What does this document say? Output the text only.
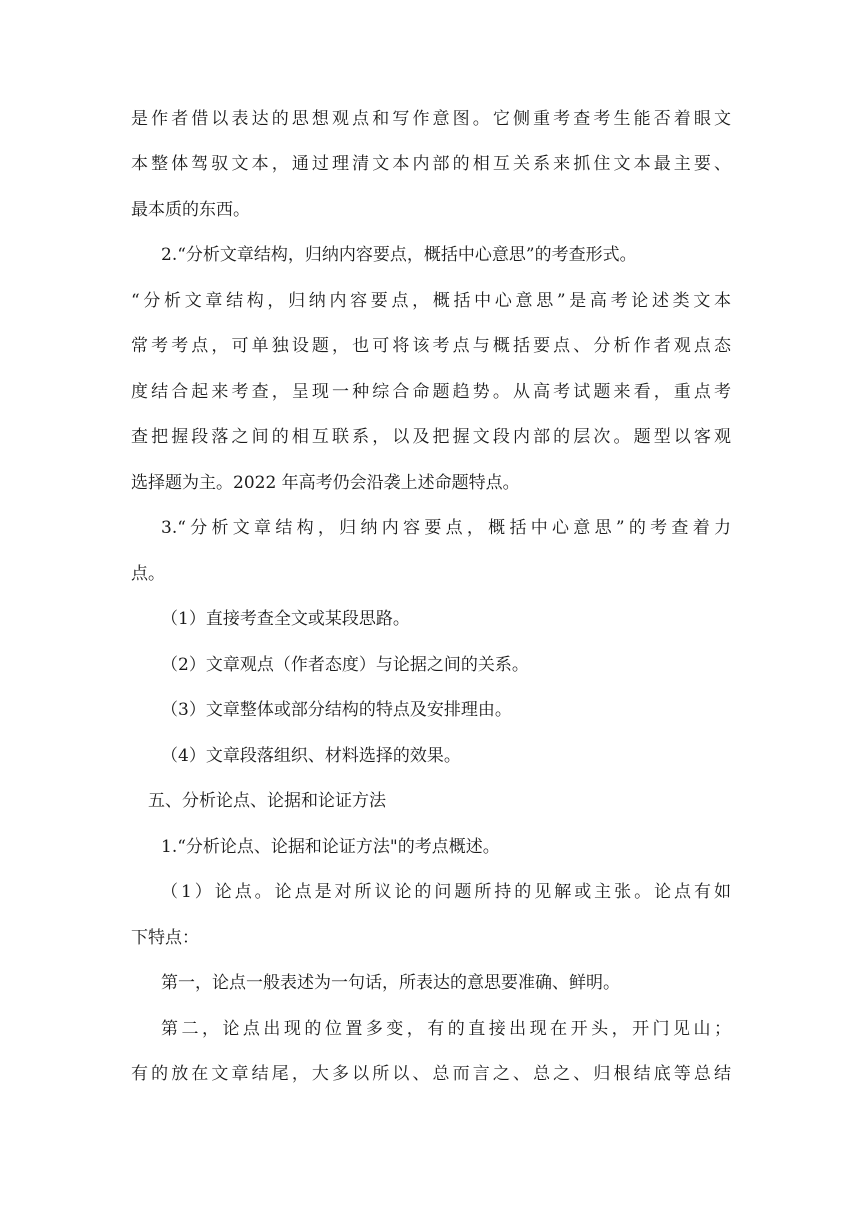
是作者借以表达的思想观点和写作意图。它侧重考查考生能否着眼文
本整体驾驭文本，通过理清文本内部的相互关系来抓住文本最主要、
最本质的东西。
2.“分析文章结构，归纳内容要点，概括中心意思”的考查形式。
“分析文章结构，归纳内容要点，概括中心意思”是高考论述类文本
常考考点，可单独设题，也可将该考点与概括要点、分析作者观点态
度结合起来考查，呈现一种综合命题趋势。从高考试题来看，重点考
查把握段落之间的相互联系，以及把握文段内部的层次。题型以客观
选择题为主。2022 年高考仍会沿袭上述命题特点。
3.“分析文章结构，归纳内容要点，概括中心意思”的考查着力
点。
（1）直接考查全文或某段思路。
（2）文章观点（作者态度）与论据之间的关系。
（3）文章整体或部分结构的特点及安排理由。
（4）文章段落组织、材料选择的效果。
五、分析论点、论据和论证方法
1.“分析论点、论据和论证方法"的考点概述。
（1）论点。论点是对所议论的问题所持的见解或主张。论点有如
下特点：
第一，论点一般表述为一句话，所表达的意思要准确、鲜明。
第二，论点出现的位置多变，有的直接出现在开头，开门见山；
有的放在文章结尾，大多以所以、总而言之、总之、归根结底等总结
